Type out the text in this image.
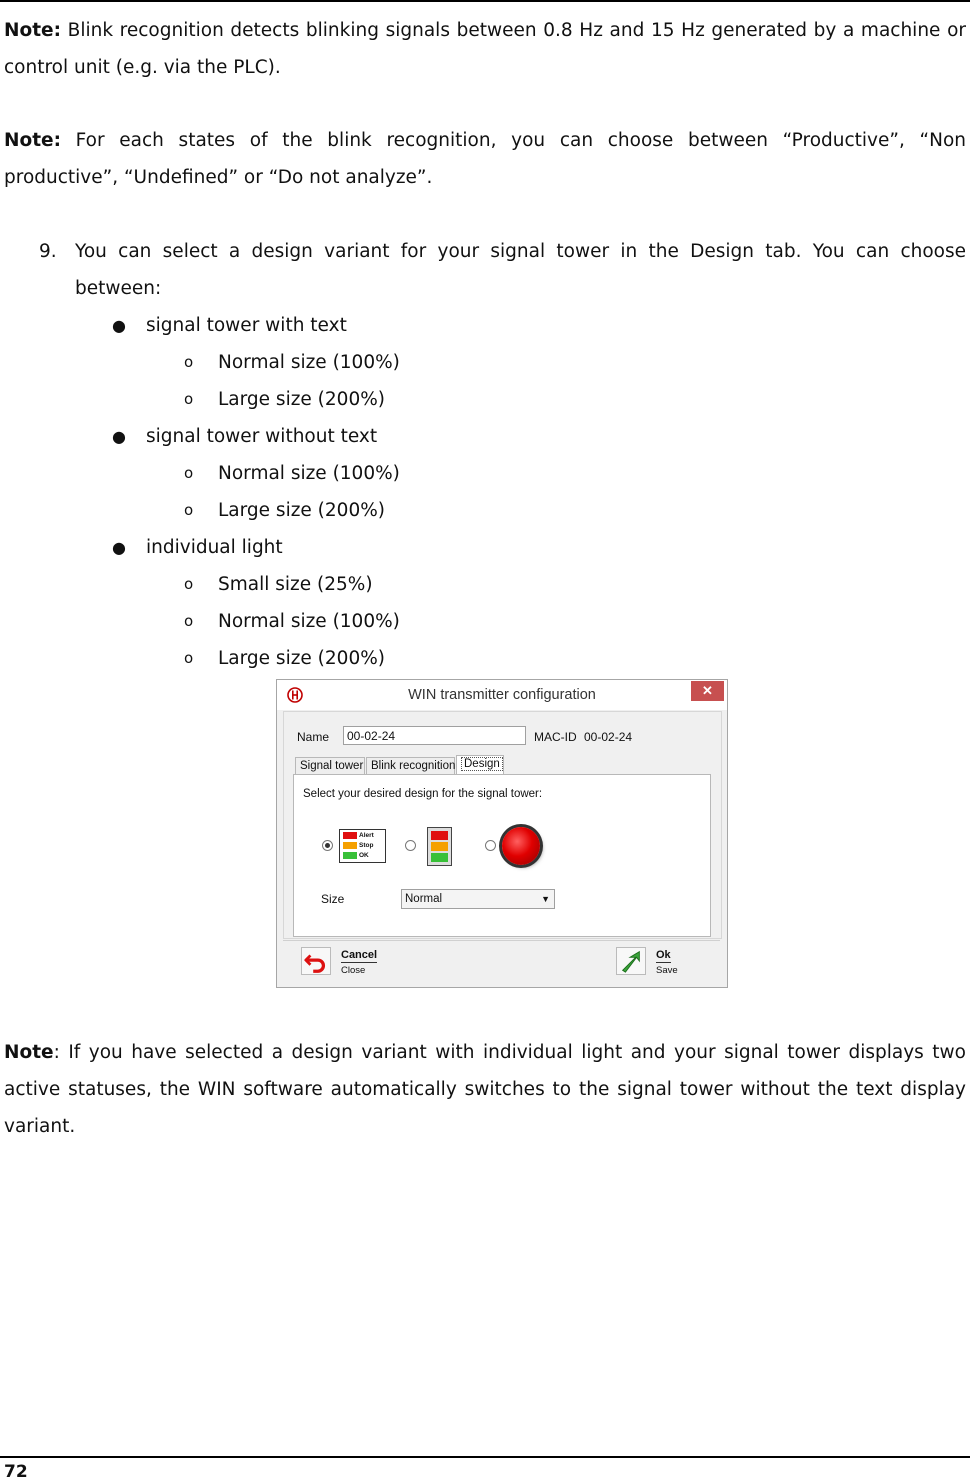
Note: Blink recognition detects blinking signals between 0.8 Hz and 15 Hz generated by a machine or control unit (e.g. via the PLC).

Note: For each states of the blink recognition, you can choose between “Productive”, “Non productive”, “Undefined” or “Do not analyze”.

9. You can select a design variant for your signal tower in the Design tab. You can choose between:
● signal tower with text
o Normal size (100%)
o Large size (200%)
● signal tower without text
o Normal size (100%)
o Large size (200%)
● individual light
o Small size (25%)
o Normal size (100%)
o Large size (200%)
WIN transmitter configuration	✕
Name
00-02-24	MAC-ID 00-02-24
Signal tower Blink recognition Design
Select your desired design for the signal tower:
Alert
Stop
OK
Size	Normal	▼
Cancel
Close
Ok
Save

Note: If you have selected a design variant with individual light and your signal tower displays two active statuses, the WIN software automatically switches to the signal tower without the text display variant.

72
